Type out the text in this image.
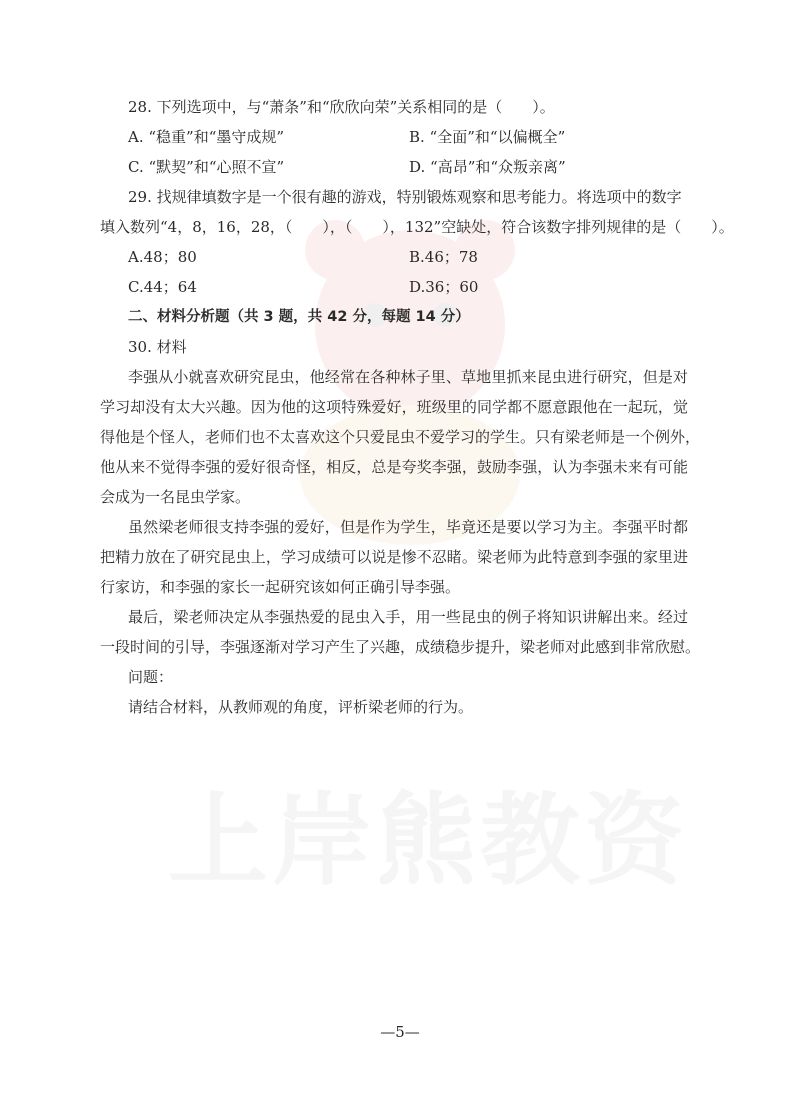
上岸熊教资
28. 下列选项中，与“萧条”和“欣欣向荣”关系相同的是（　　）。
A. “稳重”和“墨守成规”	B. “全面”和“以偏概全”
C. “默契”和“心照不宣”	D. “高昂”和“众叛亲离”
29. 找规律填数字是一个很有趣的游戏，特别锻炼观察和思考能力。将选项中的数字
填入数列“4，8，16，28，（　　），（　　），132”空缺处，符合该数字排列规律的是（　　）。
A.48；80	B.46；78
C.44；64	D.36；60
二、材料分析题（共 3 题，共 42 分，每题 14 分）
30. 材料
李强从小就喜欢研究昆虫，他经常在各种林子里、草地里抓来昆虫进行研究，但是对
学习却没有太大兴趣。因为他的这项特殊爱好，班级里的同学都不愿意跟他在一起玩，觉
得他是个怪人，老师们也不太喜欢这个只爱昆虫不爱学习的学生。只有梁老师是一个例外，
他从来不觉得李强的爱好很奇怪，相反，总是夸奖李强，鼓励李强，认为李强未来有可能
会成为一名昆虫学家。
虽然梁老师很支持李强的爱好，但是作为学生，毕竟还是要以学习为主。李强平时都
把精力放在了研究昆虫上，学习成绩可以说是惨不忍睹。梁老师为此特意到李强的家里进
行家访，和李强的家长一起研究该如何正确引导李强。
最后，梁老师决定从李强热爱的昆虫入手，用一些昆虫的例子将知识讲解出来。经过
一段时间的引导，李强逐渐对学习产生了兴趣，成绩稳步提升，梁老师对此感到非常欣慰。
问题：
请结合材料，从教师观的角度，评析梁老师的行为。
—5—
